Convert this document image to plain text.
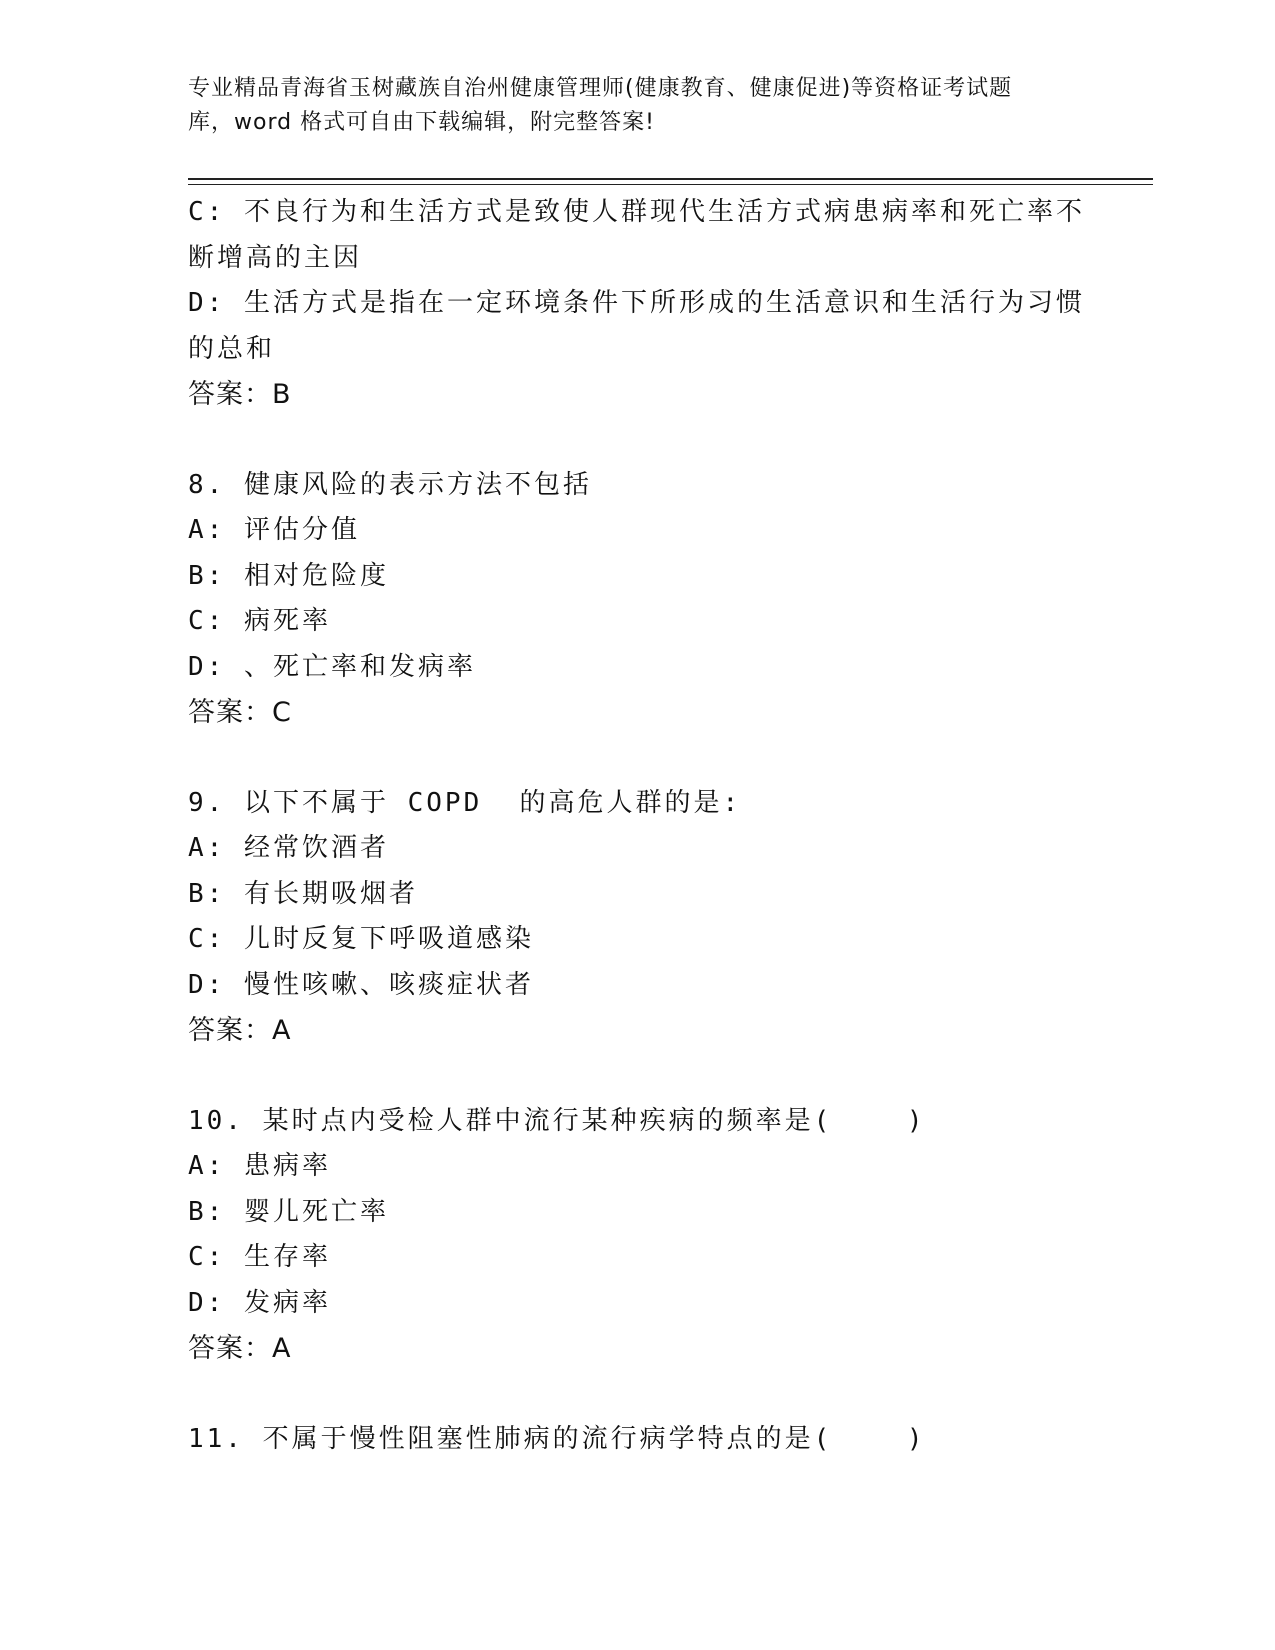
专业精品青海省玉树藏族自治州健康管理师(健康教育、健康促进)等资格证考试题
库，word 格式可自由下载编辑，附完整答案!
C: 不良行为和生活方式是致使人群现代生活方式病患病率和死亡率不
断增高的主因
D: 生活方式是指在一定环境条件下所形成的生活意识和生活行为习惯
的总和
答案：B
8. 健康风险的表示方法不包括
A: 评估分值
B: 相对危险度
C: 病死率
D: 、死亡率和发病率
答案：C
9. 以下不属于 COPD  的高危人群的是:
A: 经常饮酒者
B: 有长期吸烟者
C: 儿时反复下呼吸道感染
D: 慢性咳嗽、咳痰症状者
答案：A
10. 某时点内受检人群中流行某种疾病的频率是(    )
A: 患病率
B: 婴儿死亡率
C: 生存率
D: 发病率
答案：A
11. 不属于慢性阻塞性肺病的流行病学特点的是(    )
